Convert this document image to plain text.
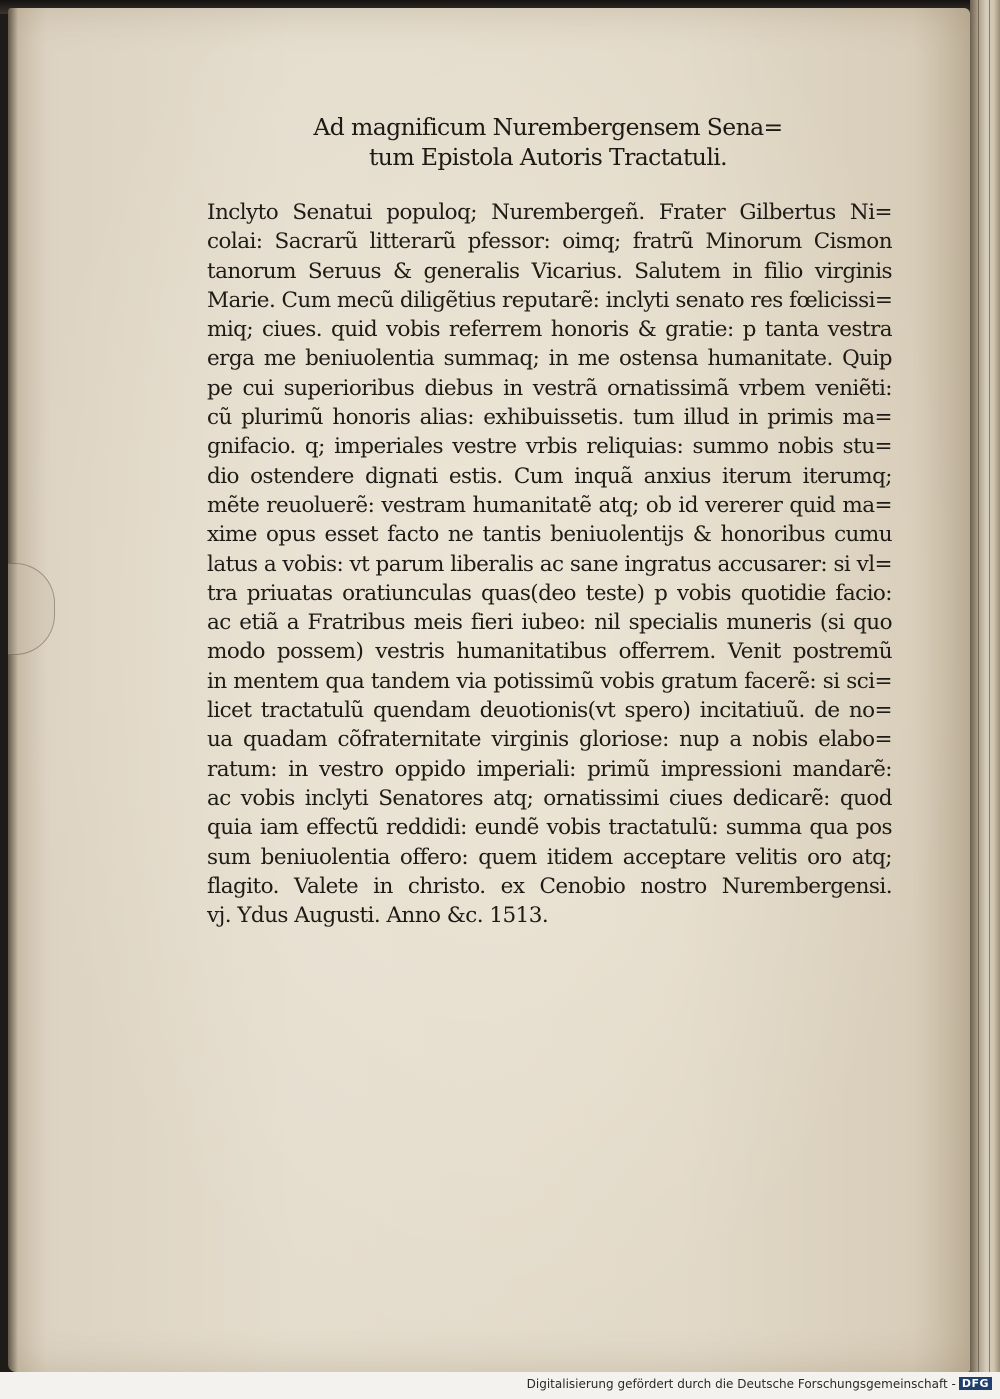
Ad magnificum Nurembergensem Sena=
tum Epistola Autoris Tractatuli.
Inclyto Senatui populoq; Nurembergeñ. Frater Gilbertus Ni=
colai: Sacrarũ litterarũ pfessor: oimq; fratrũ Minorum Cismon
tanorum Seruus & generalis Vicarius. Salutem in filio virginis
Marie. Cum mecũ diligẽtius reputarẽ: inclyti senato res fœlicissi=
miq; ciues. quid vobis referrem honoris & gratie: p tanta vestra
erga me beniuolentia summaq; in me ostensa humanitate. Quip
pe cui superioribus diebus in vestrã ornatissimã vrbem veniẽti:
cũ plurimũ honoris alias: exhibuissetis. tum illud in primis ma=
gnifacio. q; imperiales vestre vrbis reliquias: summo nobis stu=
dio ostendere dignati estis. Cum inquã anxius iterum iterumq;
mẽte reuoluerẽ: vestram humanitatẽ atq; ob id vererer quid ma=
xime opus esset facto ne tantis beniuolentijs & honoribus cumu
latus a vobis: vt parum liberalis ac sane ingratus accusarer: si vl=
tra priuatas oratiunculas quas(deo teste) p vobis quotidie facio:
ac etiã a Fratribus meis fieri iubeo: nil specialis muneris (si quo
modo possem) vestris humanitatibus offerrem. Venit postremũ
in mentem qua tandem via potissimũ vobis gratum facerẽ: si sci=
licet tractatulũ quendam deuotionis(vt spero) incitatiuũ. de no=
ua quadam cõfraternitate virginis gloriose: nup a nobis elabo=
ratum: in vestro oppido imperiali: primũ impressioni mandarẽ:
ac vobis inclyti Senatores atq; ornatissimi ciues dedicarẽ: quod
quia iam effectũ reddidi: eundẽ vobis tractatulũ: summa qua pos
sum beniuolentia offero: quem itidem acceptare velitis oro atq;
flagito. Valete in christo. ex Cenobio nostro Nurembergensi.
vj. Ydus Augusti. Anno &c. 1513.
Digitalisierung gefördert durch die Deutsche Forschungsgemeinschaft - DFG
